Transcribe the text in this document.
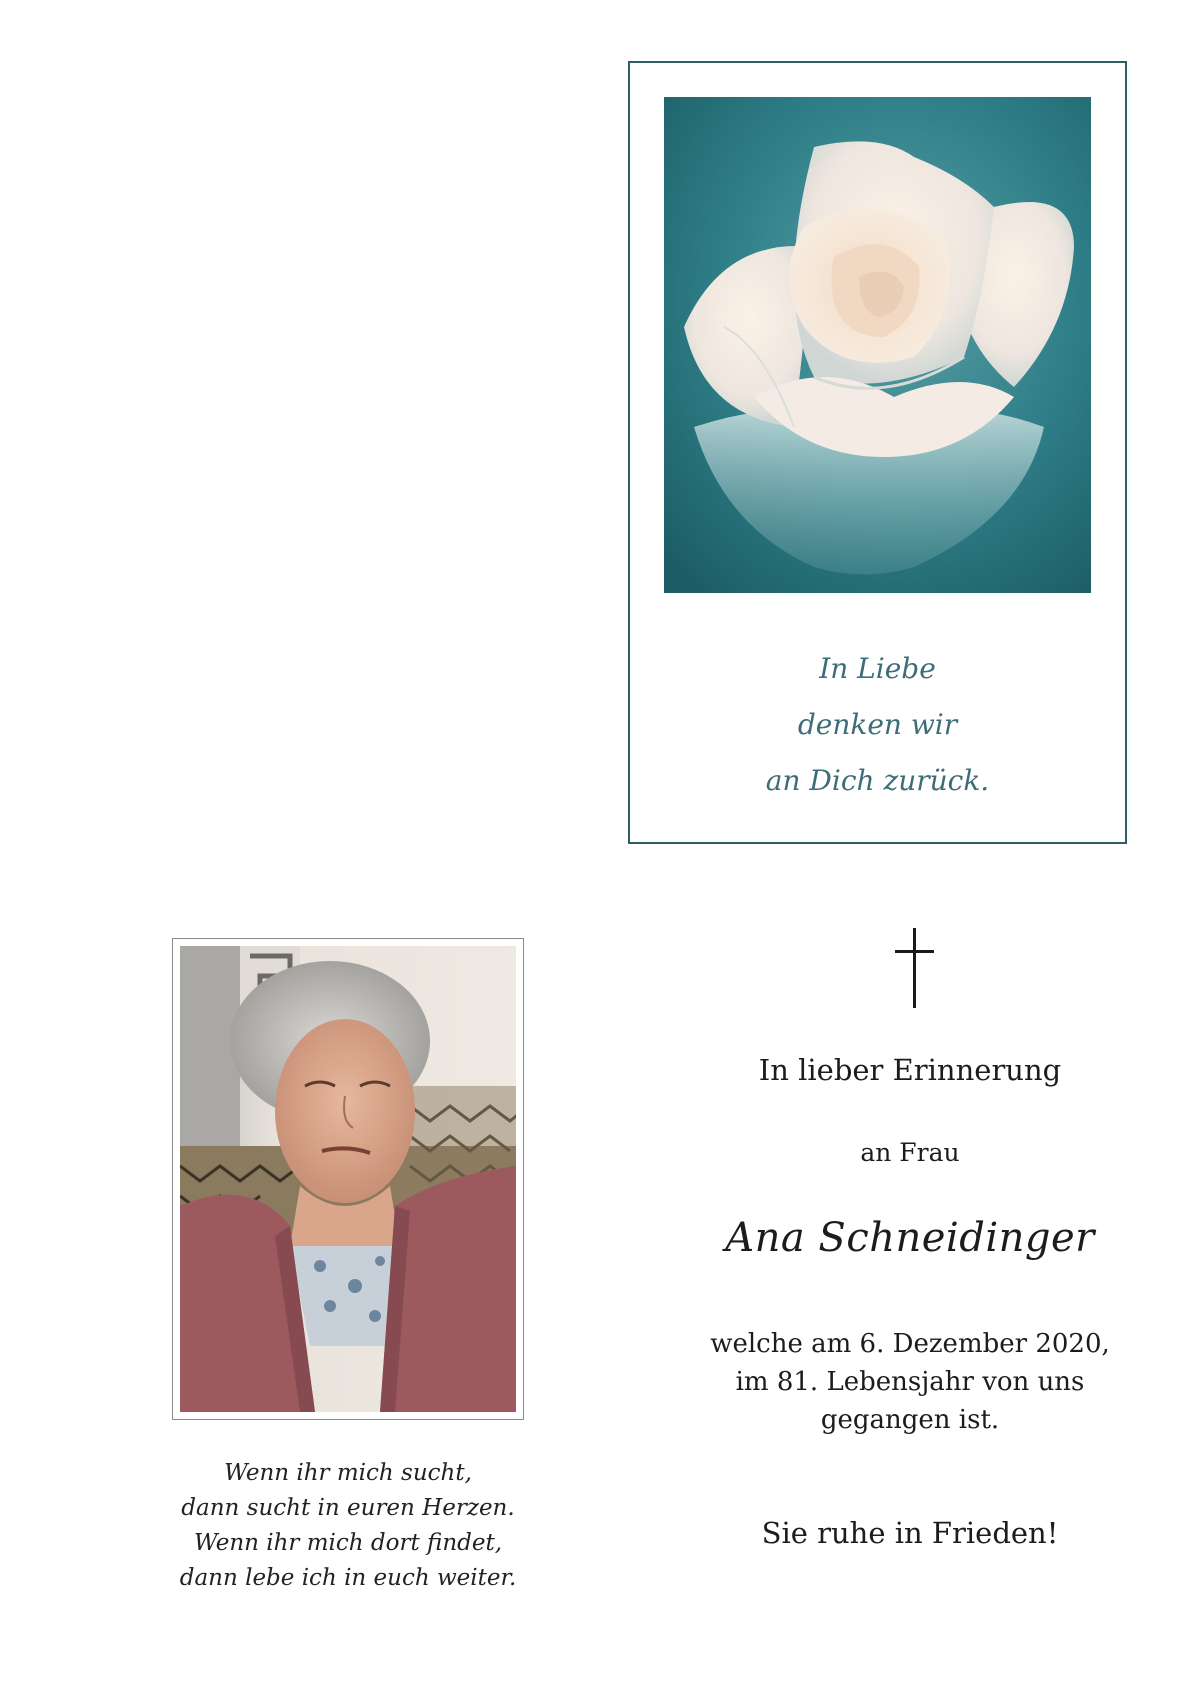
In Liebe
denken wir
an Dich zurück.
Wenn ihr mich sucht,
dann sucht in euren Herzen.
Wenn ihr mich dort findet,
dann lebe ich in euch weiter.
In lieber Erinnerung
an Frau
Ana Schneidinger
welche am 6. Dezember 2020,
im 81. Lebensjahr von uns
gegangen ist.
Sie ruhe in Frieden!
